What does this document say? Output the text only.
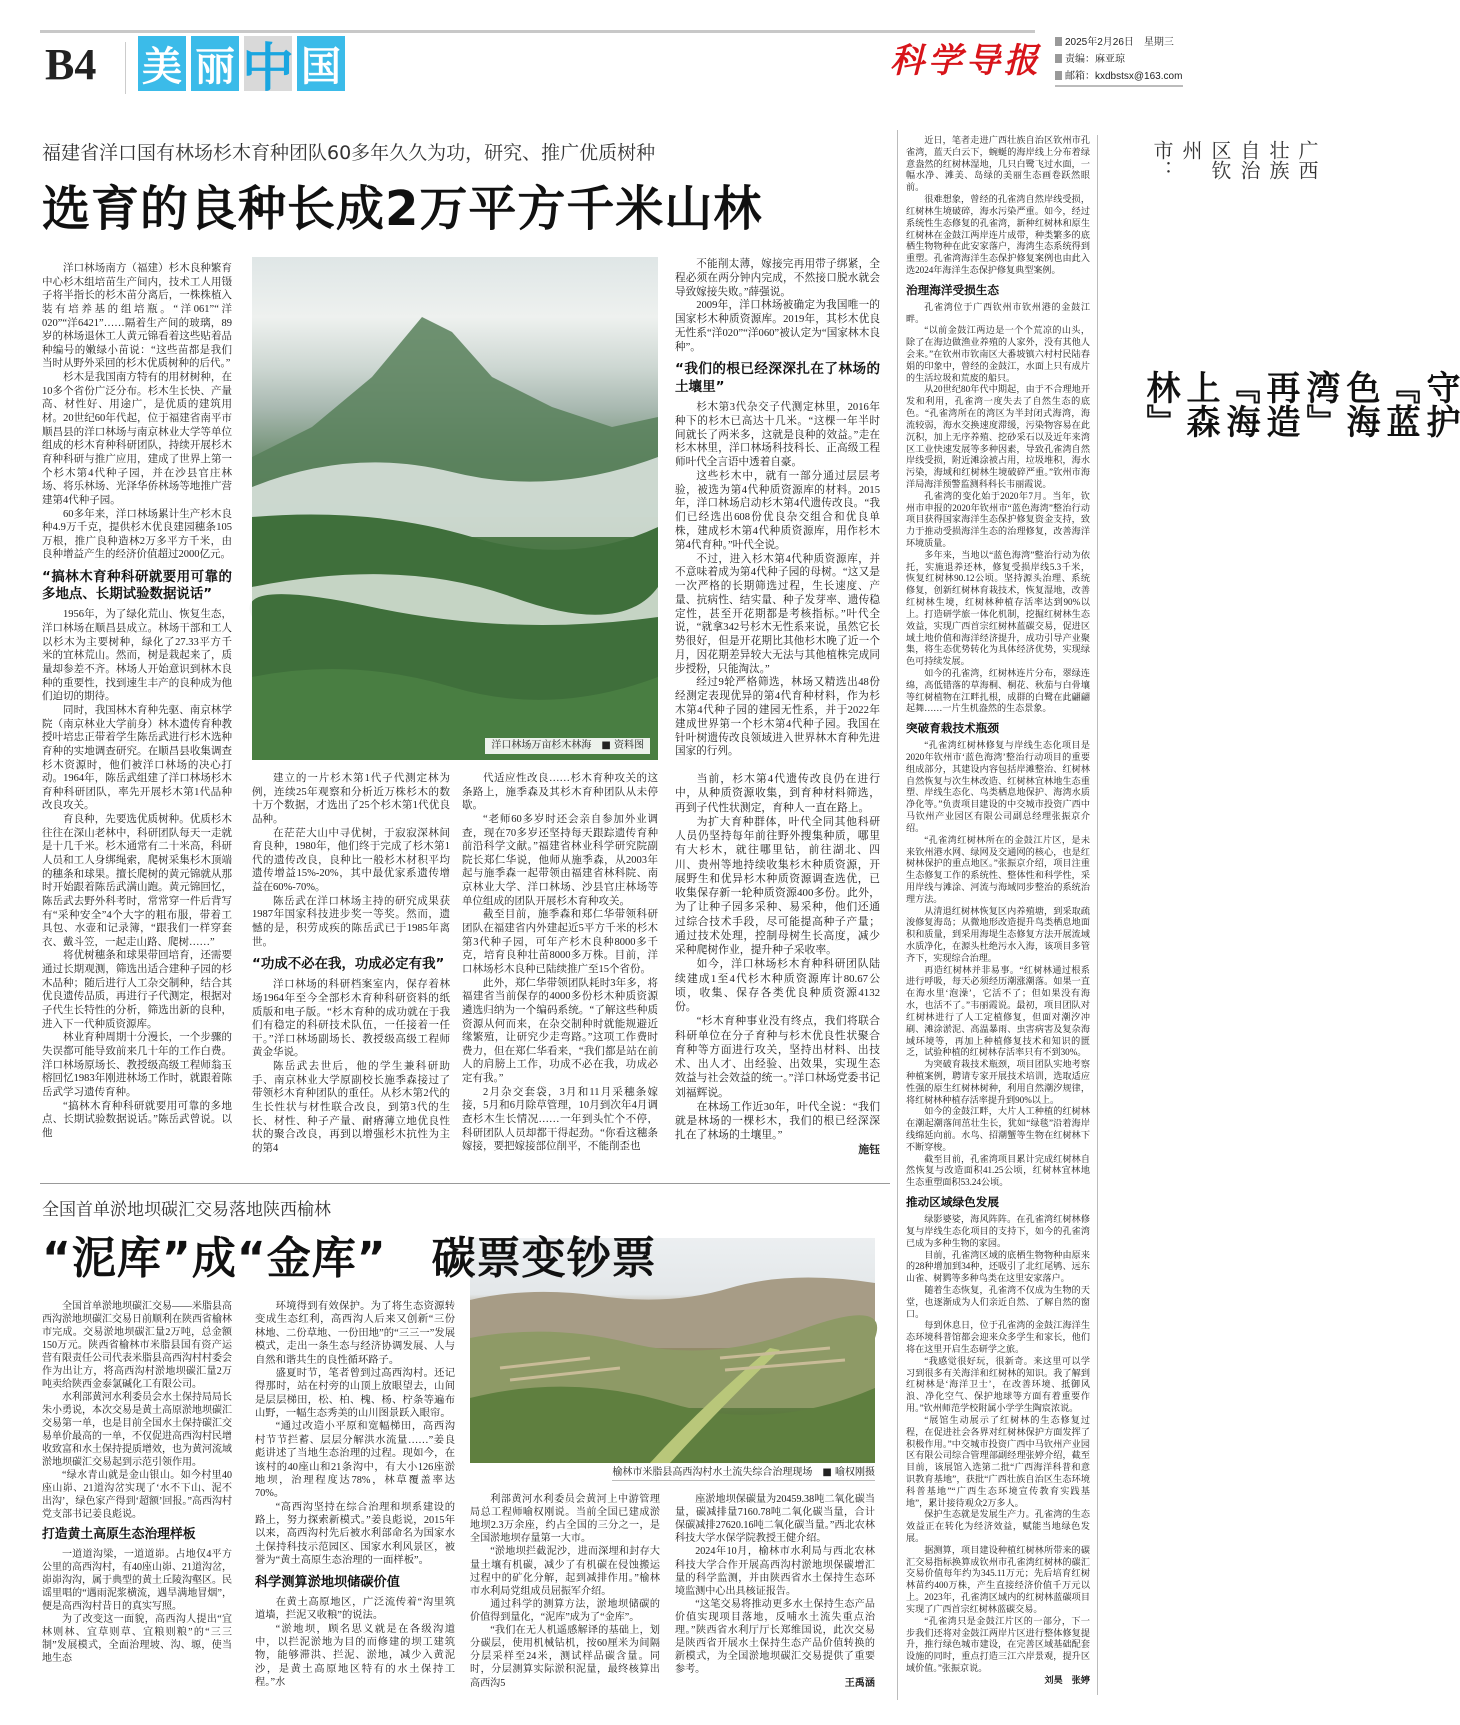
B4 美 丽 中 国	科学导报
2025年2月26日　星期三
责编：麻亚琼
邮箱：kxdbstsx@163.com
福建省洋口国有林场杉木育种团队60多年久久为功，研究、推广优质树种
选育的良种长成2万平方千米山林

洋口林场南方（福建）杉木良种繁育中心杉木组培苗生产间内，技术工人用镊子将半指长的杉木苗分离后，一株株植入装有培养基的组培瓶。“洋061”“洋020”“洋6421”……隔着生产间的玻璃，89岁的林场退休工人黄元锦看着这些贴着品种编号的嫩绿小苗说：“这些苗都是我们当时从野外采回的杉木优质树种的后代。”

杉木是我国南方特有的用材树种，在10多个省份广泛分布。杉木生长快、产量高、材性好、用途广，是优质的建筑用材。20世纪60年代起，位于福建省南平市顺昌县的洋口林场与南京林业大学等单位组成的杉木育种科研团队，持续开展杉木育种科研与推广应用，建成了世界上第一个杉木第4代种子园，并在沙县官庄林场、将乐林场、光泽华侨林场等地推广营建第4代种子园。

60多年来，洋口林场累计生产杉木良种4.9万千克，提供杉木优良建园穗条105万根，推广良种造林2万多平方千米，由良种增益产生的经济价值超过2000亿元。

“搞林木育种科研就要用可靠的多地点、长期试验数据说话”

1956年，为了绿化荒山、恢复生态，洋口林场在顺昌县成立。林场干部和工人以杉木为主要树种，绿化了27.33平方千米的宜林荒山。然而，树是栽起来了，质量却参差不齐。林场人开始意识到林木良种的重要性，找到速生丰产的良种成为他们迫切的期待。

同时，我国林木育种先驱、南京林学院（南京林业大学前身）林木遗传育种教授叶培忠正带着学生陈岳武进行杉木选种育种的实地调查研究。在顺昌县收集调查杉木资源时，他们被洋口林场的决心打动。1964年，陈岳武组建了洋口林场杉木育种科研团队，率先开展杉木第1代品种改良攻关。

育良种，先要选优质树种。优质杉木往往在深山老林中，科研团队每天一走就是十几千米。杉木通常有二十米高，科研人员和工人身绑绳索，爬树采集杉木顶端的穗条和球果。擅长爬树的黄元锦就从那时开始跟着陈岳武满山跑。黄元锦回忆，陈岳武去野外科考时，常常穿一件后背写有“采种安全”4个大字的粗布服，带着工具包、水壶和记录簿，“跟我们一样穿套衣、戴斗笠，一起走山路、爬树……”

将优树穗条和球果带回培育，还需要通过长期观测，筛选出适合建种子园的杉木品种；随后进行人工杂交制种，结合其优良遗传品质，再进行子代测定，根据对子代生长特性的分析，筛选出新的良种，进入下一代种质资源库。

林业育种周期十分漫长，一个步骤的失误都可能导致前来几十年的工作白费。洋口林场原场长、教授级高级工程师翁玉榕回忆1983年刚进林场工作时，就跟着陈岳武学习遗传育种。

“搞林木育种科研就要用可靠的多地点、长期试验数据说话。”陈岳武曾说。以他

洋口林场万亩杉木林海　■ 资料图

不能削太薄，嫁接完再用带子绑紧，全程必须在两分钟内完成，不然接口脱水就会导致嫁接失败。”薛强说。

2009年，洋口林场被确定为我国唯一的国家杉木种质资源库。2019年，其杉木优良无性系“洋020”“洋060”被认定为“国家林木良种”。

“我们的根已经深深扎在了林场的土壤里”

杉木第3代杂交子代测定林里，2016年种下的杉木已高达十几米。“这棵一年半时间就长了两米多，这就是良种的效益。”走在杉木林里，洋口林场科技科长、正高级工程师叶代全言语中透着自豪。

这些杉木中，就有一部分通过层层考验，被选为第4代种质资源库的材料。2015年，洋口林场启动杉木第4代遗传改良。“我们已经选出608份优良杂交组合和优良单株，建成杉木第4代种质资源库，用作杉木第4代育种。”叶代全说。

不过，进入杉木第4代种质资源库，并不意味着成为第4代种子园的母树。“这又是一次严格的长期筛选过程，生长速度、产量、抗病性、结实量、种子发芽率、遗传稳定性，甚至开花期都是考核指标。”叶代全说，“就拿342号杉木无性系来说，虽然它长势很好，但是开花期比其他杉木晚了近一个月，因花期差异较大无法与其他植株完成同步授粉，只能淘汰。”

经过9轮严格筛选，林场又精选出48份经测定表现优异的第4代育种材料，作为杉木第4代种子园的建园无性系，并于2022年建成世界第一个杉木第4代种子园。我国在针叶树遗传改良领域进入世界林木育种先进国家的行列。

建立的一片杉木第1代子代测定林为例，连续25年观察和分析近万株杉木的数十万个数据，才选出了25个杉木第1代优良品种。

在茫茫大山中寻优树，于寂寂深林间育良种，1980年，他们终于完成了杉木第1代的遗传改良，良种比一般杉木材积平均遗传增益15%-20%，其中最优家系遗传增益在60%-70%。

陈岳武在洋口林场主持的研究成果获1987年国家科技进步奖一等奖。然而，遗憾的是，积劳成疾的陈岳武已于1985年离世。

“功成不必在我，功成必定有我”

洋口林场的科研档案室内，保存着林场1964年至今全部杉木育种科研资料的纸质版和电子版。“杉木育种的成功就在于我们有稳定的科研技术队伍，一任接着一任干。”洋口林场副场长、教授级高级工程师黄金华说。

陈岳武去世后，他的学生兼科研助手、南京林业大学原副校长施季森接过了带领杉木育种团队的重任。从杉木第2代的生长性状与材性联合改良，到第3代的生长、材性、种子产量、耐瘠薄立地优良性状的聚合改良，再到以增强杉木抗性为主的第4

代适应性改良……杉木育种攻关的这条路上，施季森及其杉木育种团队从未停歇。

“老师60多岁时还会亲自参加外业调查，现在70多岁还坚持每天跟踪遗传育种前沿科学文献。”福建省林业科学研究院副院长郑仁华说，他师从施季森，从2003年起与施季森一起带领由福建省林科院、南京林业大学、洋口林场、沙县官庄林场等单位组成的团队开展杉木育种攻关。

截至目前，施季森和郑仁华带领科研团队在福建省内外建起近5平方千米的杉木第3代种子园，可年产杉木良种8000多千克，培育良种壮苗8000多万株。目前，洋口林场杉木良种已陆续推广至15个省份。

此外，郑仁华带领团队耗时3年多，将福建省当前保存的4000多份杉木种质资源遴选归纳为一个编码系统。“了解这些种质资源从何而来，在杂交制种时就能规避近缘繁殖，让研究少走弯路。”这项工作费时费力，但在郑仁华看来，“我们都是站在前人的肩膀上工作，功成不必在我，功成必定有我。”

2月杂交套袋，3月和11月采穗条嫁接，5月和6月除草管理，10月到次年4月调查杉木生长情况……一年到头忙个不停，科研团队人员却都干得起劲。“你看这穗条嫁接，要把嫁接部位削平，不能削歪也

当前，杉木第4代遗传改良仍在进行中，从种质资源收集，到育种材料筛选，再到子代性状测定，育种人一直在路上。

为扩大育种群体，叶代全同其他科研人员仍坚持每年前往野外搜集种质，哪里有大杉木，就往哪里钻，前往湖北、四川、贵州等地持续收集杉木种质资源，开展野生和优异杉木种质资源调查选优，已收集保存新一轮种质资源400多份。此外，为了让种子园多采种、易采种，他们还通过综合技术手段，尽可能提高种子产量；通过技术处理，控制母树生长高度，减少采种爬树作业，提升种子采收率。

如今，洋口林场杉木育种科研团队陆续建成1至4代杉木种质资源库计80.67公顷，收集、保存各类优良种质资源4132份。

“杉木育种事业没有终点，我们将联合科研单位在分子育种与杉木优良性状聚合育种等方面进行攻关，坚持出材料、出技术、出人才、出经验、出效果，实现生态效益与社会效益的统一。”洋口林场党委书记刘福辉说。

在林场工作近30年，叶代全说：“我们就是林场的一棵杉木，我们的根已经深深扎在了林场的土壤里。”

施钰

近日，笔者走进广西壮族自治区钦州市孔雀湾，蓝天白云下，蜿蜒的海岸线上分布着绿意盎然的红树林湿地，几只白鹭飞过水面，一幅水净、滩美、岛绿的美丽生态画卷跃然眼前。

很难想象，曾经的孔雀湾自然岸线受损，红树林生境破碎，海水污染严重。如今，经过系统性生态修复的孔雀湾，新种红树林和原生红树林在金鼓江两岸连片成带，种类繁多的底栖生物物种在此安家落户，海湾生态系统得到重塑。孔雀湾海洋生态保护修复案例也由此入选2024年海洋生态保护修复典型案例。

治理海洋受损生态

孔雀湾位于广西钦州市钦州港的金鼓江畔。

“以前金鼓江两边是一个个荒凉的山头，除了在海边做渔业养殖的人家外，没有其他人会来。”在钦州市钦南区大番坡镇六村村民陆春娟的印象中，曾经的金鼓江，水面上只有成片的生活垃圾和荒废的船只。

从20世纪80年代中期起，由于不合理地开发和利用，孔雀湾一度失去了自然生态的底色。“孔雀湾所在的湾区为半封闭式海湾，海流较弱，海水交换速度滞缓，污染物容易在此沉积，加上无序养殖、挖砂采石以及近年来湾区工业快速发展等多种因素，导致孔雀湾自然岸线受损，附近滩涂被占用，垃圾堆积，海水污染，海域和红树林生境破碎严重。”钦州市海洋局海洋预警监测科科长韦丽霞说。

孔雀湾的变化始于2020年7月。当年，钦州市申报的2020年钦州市“蓝色海湾”整治行动项目获得国家海洋生态保护修复资金支持，致力于推动受损海洋生态的治理修复，改善海洋环境质量。

多年来，当地以“蓝色海湾”整治行动为依托，实施退养还林，修复受损岸线5.3千米，恢复红树林90.12公顷。坚持源头治理、系统修复，创新红树林育栽技术，恢复湿地，改善红树林生境，红树林种植存活率达到90%以上。打造研学旅一体化机制，挖掘红树林生态效益，实现广西首宗红树林蓝碳交易，促进区域土地价值和海洋经济提升，成功引导产业聚集，将生态优势转化为具体经济优势，实现绿色可持续发展。

如今的孔雀湾，红树林连片分布，翠绿连绵，高低错落的草海桐、桐花、秋茄与白骨壤等红树植物在江畔扎根，成群的白鹭在此翩翩起舞……一片生机盎然的生态景象。

突破育栽技术瓶颈

“孔雀湾红树林修复与岸线生态化项目是2020年钦州市‘蓝色海湾’整治行动项目的重要组成部分，其建设内容包括岸滩整治、红树林自然恢复与次生林改造、红树林宜林地生态重塑、岸线生态化、鸟类栖息地保护、海湾水质净化等。”负责项目建设的中交城市投资广西中马钦州产业园区有限公司副总经理张振京介绍。

“孔雀湾红树林所在的金鼓江片区，是未来钦州港水网、绿网及交通网的核心，也是红树林保护的重点地区。”张振京介绍，项目注重生态修复工作的系统性、整体性和科学性，采用岸线与滩涂、河流与海域同步整治的系统治理方法。

从清退红树林恢复区内养殖塘，到采取疏浚修复海岛；从微地形改造提升鸟类栖息地面积和质量，到采用海堤生态修复方法开展流域水质净化，在源头杜绝污水入海，该项目多管齐下，实现综合治理。

再造红树林并非易事。“红树林通过根系进行呼吸，每天必须经历潮涨潮落。如果一直在海水里‘泡澡’，它活不了；但如果没有海水，也活不了。”韦丽霞说。最初，项目团队对红树林进行了人工定植修复，但面对潮汐冲刷、滩涂淤泥、高温暴雨、虫害病害及复杂海域环境等，再加上种植修复技术和知识的匮乏，试验种植的红树林存活率只有不到30%。

为突破育栽技术瓶颈，项目团队实地考察种植案例，聘请专家开展技术培训，选取适应性强的原生红树林树种，利用自然潮汐规律，将红树林种植存活率提升到90%以上。

如今的金鼓江畔，大片人工种植的红树林在潮起潮落间茁壮生长，犹如“绿毯”沿着海岸线绵延向前。水鸟、招潮蟹等生物在红树林下不断穿梭。

截至目前，孔雀湾项目累计完成红树林自然恢复与改造面积41.25公顷，红树林宜林地生态重塑面积53.24公顷。

推动区域绿色发展

绿影婆娑，海风阵阵。在孔雀湾红树林修复与岸线生态化项目的支持下，如今的孔雀湾已成为多种生物的家园。

目前，孔雀湾区域的底栖生物物种由原来的28种增加到34种，还吸引了北红尾鸲、远东山雀、树鹨等多种鸟类在这里安家落户。

随着生态恢复，孔雀湾不仅成为生物的天堂，也逐渐成为人们亲近自然、了解自然的窗口。

每到休息日，位于孔雀湾的金鼓江海洋生态环境科普馆都会迎来众多学生和家长，他们将在这里开启生态研学之旅。

“我感觉很好玩，很新奇。来这里可以学习到很多有关海洋和红树林的知识。我了解到红树林是‘海洋卫士’，在改善环境、抵御风浪、净化空气、保护地球等方面有着重要作用。”钦州师范学校附属小学学生陶宸浓说。

“展馆生动展示了红树林的生态修复过程，在促进社会各界对红树林保护方面发挥了积极作用。”中交城市投资广西中马钦州产业园区有限公司综合管理部副经理张婷介绍，截至目前，该展馆入选第二批“广西海洋科普和意识教育基地”，获批“广西壮族自治区生态环境科普基地”“广西生态环境宣传教育实践基地”，累计接待观众2万多人。

保护生态就是发展生产力。孔雀湾的生态效益正在转化为经济效益，赋能当地绿色发展。

据测算，项目建设种植红树林所带来的碳汇交易指标换算成钦州市孔雀湾红树林的碳汇交易价值每年约为345.11万元；先后培育红树林苗约400万株，产生直接经济价值千万元以上。2023年，孔雀湾区域内的红树林蓝碳项目实现了广西首宗红树林蓝碳交易。

“孔雀湾只是金鼓江片区的一部分，下一步我们还将对金鼓江两岸片区进行整体修复提升，推行绿色城市建设，在完善区域基础配套设施的同时，重点打造三江六岸景观，提升区域价值。”张振京说。

刘昊　张婷

广西壮族自治区钦州市：
守护『蓝色海湾』再造『海上森林』
全国首单淤地坝碳汇交易落地陕西榆林
“泥库”成“金库”　碳票变钞票

全国首单淤地坝碳汇交易——米脂县高西沟淤地坝碳汇交易日前顺利在陕西省榆林市完成。交易淤地坝碳汇量2万吨，总金额150万元。陕西省榆林市米脂县国有资产运营有限责任公司代表米脂县高西沟村村委会作为出让方，将高西沟村淤地坝碳汇量2万吨卖给陕西金泰氯碱化工有限公司。

水利部黄河水利委员会水土保持局局长朱小勇说，本次交易是黄土高原淤地坝碳汇交易第一单，也是目前全国水土保持碳汇交易单价最高的一单，不仅促进高西沟村民增收致富和水土保持提质增效，也为黄河流域淤地坝碳汇交易起到示范引领作用。

“绿水青山就是金山银山。如今村里40座山峁、21道沟岔实现了‘水不下山、泥不出沟’，绿色家产得到‘超额’回报。”高西沟村党支部书记姜良彪说。

打造黄土高原生态治理样板

一道道沟梁，一道道峁。占地仅4平方公里的高西沟村，有40座山峁、21道沟岔，峁峁沟沟，属于典型的黄土丘陵沟壑区。民谣里唱的“遇雨泥浆横流，遇旱满地冒烟”，便是高西沟村昔日的真实写照。

为了改变这一面貌，高西沟人提出“宜林则林、宜草则草、宜粮则粮”的“三三制”发展模式，全面治理坡、沟、塬，使当地生态

环境得到有效保护。为了将生态资源转变成生态红利，高西沟人后来又创新“三份林地、二份草地、一份田地”的“三三一”发展模式，走出一条生态与经济协调发展、人与自然和谐共生的良性循环路子。

盛夏时节，笔者曾到过高西沟村。还记得那时，站在村旁的山顶上放眼望去，山间是层层梯田，松、柏、槐、杨、柠条等遍布山野，一幅生态秀美的山川图景跃入眼帘。

“通过改造小平原和宽幅梯田，高西沟村节节拦蓄、层层分解洪水流量……”姜良彪讲述了当地生态治理的过程。现如今，在该村的40座山和21条沟中，有大小126座淤地坝，治理程度达78%，林草覆盖率达70%。

“高西沟坚持在综合治理和坝系建设的路上，努力探索新模式。”姜良彪说，2015年以来，高西沟村先后被水利部命名为国家水土保持科技示范园区、国家水利风景区，被誉为“黄土高原生态治理的一面样板”。

科学测算淤地坝储碳价值

在黄土高原地区，广泛流传着“沟里筑道墙，拦泥又收粮”的说法。

“淤地坝，顾名思义就是在各级沟道中，以拦泥淤地为目的而修建的坝工建筑物，能够滞洪、拦泥、淤地，减少入黄泥沙，是黄土高原地区特有的水土保持工程。”水

榆林市米脂县高西沟村水土流失综合治理现场　■ 喻权刚摄

利部黄河水利委员会黄河上中游管理局总工程师喻权刚说。当前全国已建成淤地坝2.3万余座，约占全国的三分之一，是全国淤地坝存量第一大市。

“淤地坝拦截泥沙，进而深埋和封存大量土壤有机碳，减少了有机碳在侵蚀搬运过程中的矿化分解，起到减排作用。”榆林市水利局党组成员屈振军介绍。

通过科学的测算方法，淤地坝储碳的价值得到量化，“泥库”成为了“金库”。

“我们在无人机遥感解译的基础上，划分碳层，使用机械钻机，按60厘米为间隔分层采样至24米，测试样品碳含量。同时，分层测算实际淤积泥量，最终核算出高西沟5

座淤地坝保碳量为20459.38吨二氧化碳当量，碳减排量7160.78吨二氧化碳当量，合计保碳减排27620.16吨二氧化碳当量。”西北农林科技大学水保学院教授王健介绍。

2024年10月，榆林市水利局与西北农林科技大学合作开展高西沟村淤地坝保碳增汇量的科学监测，并由陕西省水土保持生态环境监测中心出具核证报告。

“这笔交易将推动更多水土保持生态产品价值实现项目落地，反哺水土流失重点治理。”陕西省水利厅厅长郑维国说，此次交易是陕西省开展水土保持生态产品价值转换的新模式，为全国淤地坝碳汇交易提供了重要参考。

王禹涵
